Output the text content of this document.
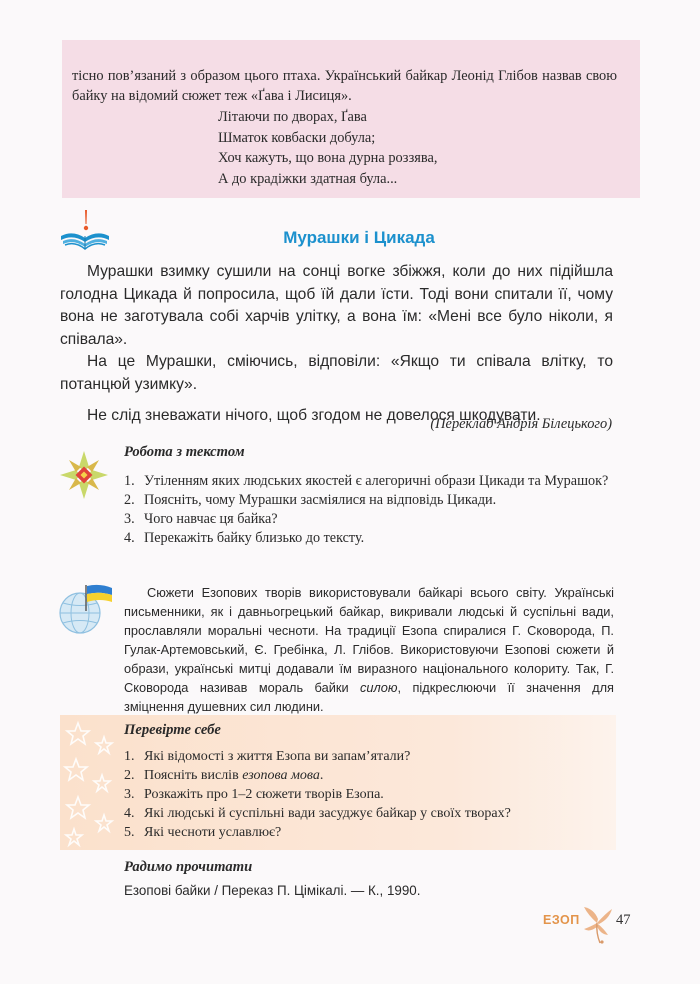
тісно пов’язаний з образом цього птаха. Український байкар Леонід Глібов назвав свою байку на відомий сюжет теж «Ґава і Лисиця».
Літаючи по дворах, Ґава
Шматок ковбаски добула;
Хоч кажуть, що вона дурна роззява,
А до крадіжки здатная була...
Мурашки і Цикада

Мурашки взимку сушили на сонці вогке збіжжя, коли до них підійшла голодна Цикада й попросила, щоб їй дали їсти. Тоді вони спитали її, чому вона не заготувала собі харчів улітку, а вона їм: «Мені все було ніколи, я співала».

На це Мурашки, сміючись, відповіли: «Якщо ти співала влітку, то потанцюй узимку».

Не слід зневажати нічого, щоб згодом не довелося шкодувати.

(Переклад Андрія Білецького)
Робота з текстом
1. Утіленням яких людських якостей є алегоричні образи Цикади та Мурашок?
2. Поясніть, чому Мурашки засміялися на відповідь Цикади.
3. Чого навчає ця байка?
4. Перекажіть байку близько до тексту.

Сюжети Езопових творів використовували байкарі всього світу. Українські письменники, як і давньогрецький байкар, викривали людські й суспільні вади, прославляли моральні чесноти. На традиції Езопа спиралися Г. Сковорода, П. Гулак-Артемовський, Є. Гребінка, Л. Глібов. Використовуючи Езопові сюжети й образи, українські митці додавали їм виразного національного колориту. Так, Г. Сковорода називав мораль байки силою, підкреслюючи її значення для зміцнення душевних сил людини.

Перевірте себе
1. Які відомості з життя Езопа ви запам’ятали?
2. Поясніть вислів езопова мова.
3. Розкажіть про 1–2 сюжети творів Езопа.
4. Які людські й суспільні вади засуджує байкар у своїх творах?
5. Які чесноти уславлює?
Радимо прочитати
Езопові байки / Переказ П. Цімікалі. — К., 1990.
ЕЗОП	47
